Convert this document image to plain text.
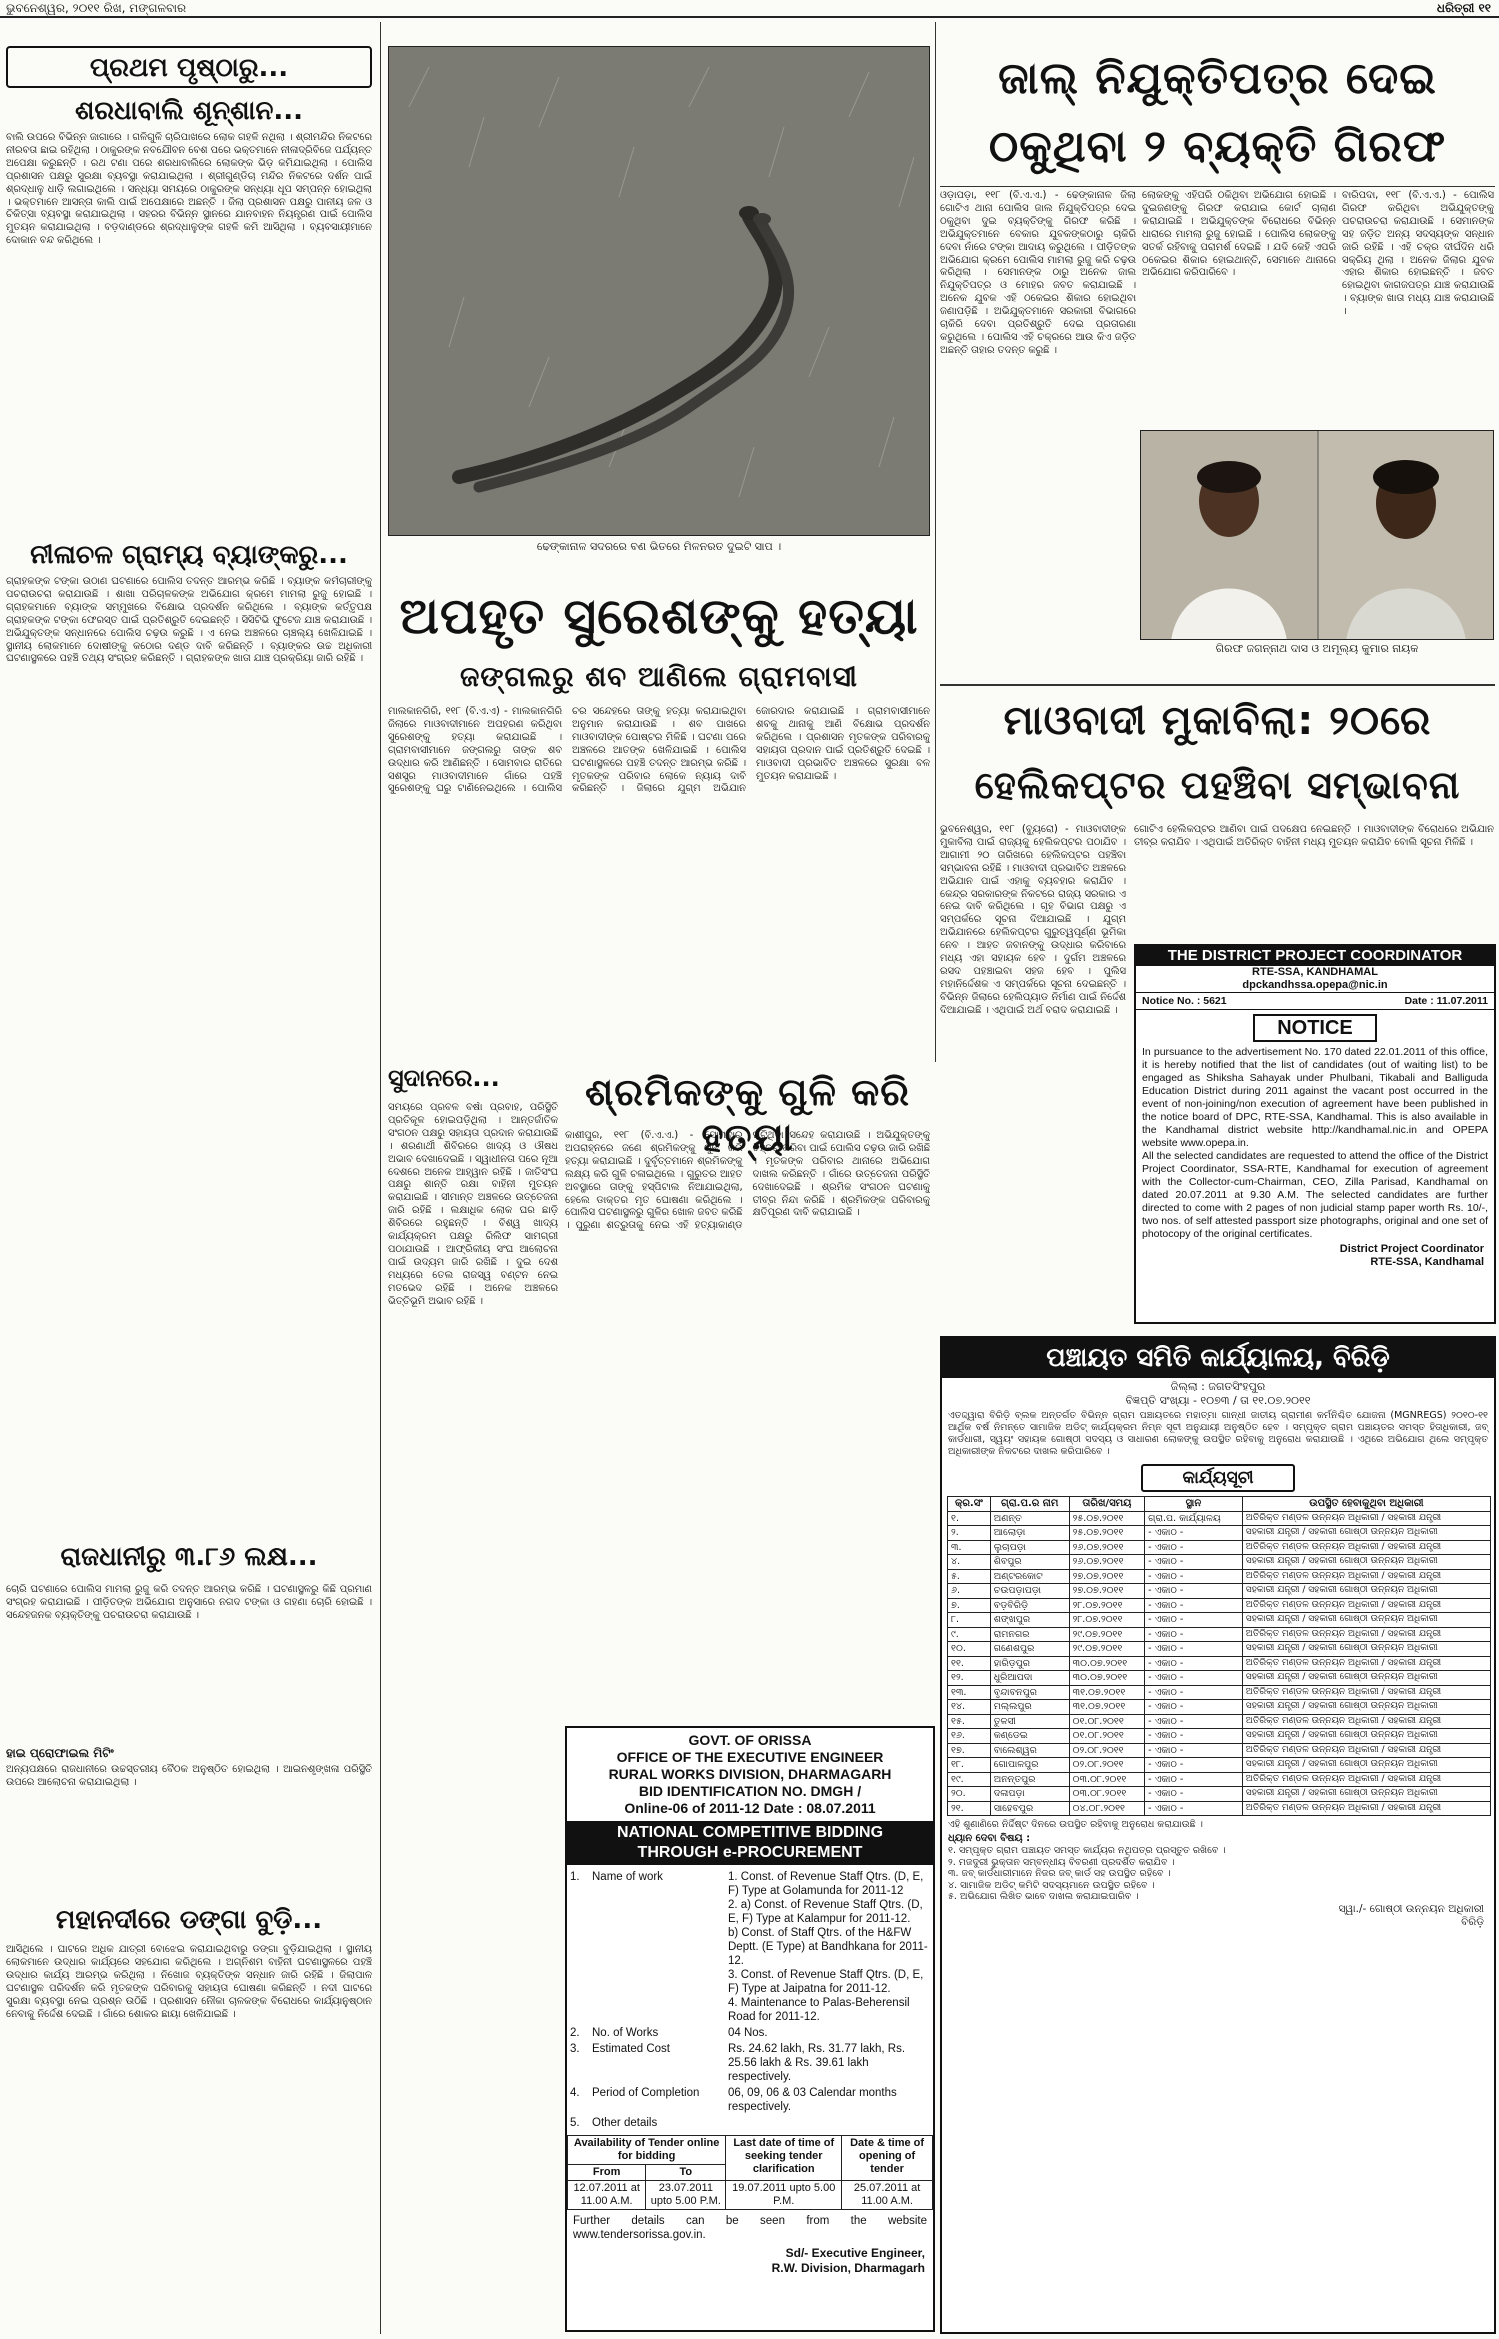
ଭୁବନେଶ୍ୱର, ୨୦୧୧ ରିଖ, ମଙ୍ଗଳବାର	ଧରିତ୍ରୀ ୧୧
ପ୍ରଥମ ପୃଷ୍ଠାରୁ...
ଶରଧାବାଲି ଶୂନ୍‌ଶାନ...
ବାଲି ଉପରେ ବିଭିନ୍ନ ଜାଗାରେ । ଗଳିଗୁଳି ଚାରିପାଖରେ ଲୋକ ଗହଳି ନଥିଲା । ଶ୍ରୀମନ୍ଦିର ନିକଟରେ ନୀରବତା ଛାଇ ରହିଥିଲା । ଠାକୁରଙ୍କ ନବଯୌବନ ବେଶ ପରେ ଭକ୍ତମାନେ ନୀଳାଦ୍ରିବିଜେ ପର୍ଯ୍ୟନ୍ତ ଅପେକ୍ଷା କରୁଛନ୍ତି । ରଥ ଟଣା ପରେ ଶରଧାବାଲିରେ ଲୋକଙ୍କ ଭିଡ଼ କମିଯାଇଥିଲା । ପୋଲିସ ପ୍ରଶାସନ ପକ୍ଷରୁ ସୁରକ୍ଷା ବ୍ୟବସ୍ଥା କରାଯାଇଥିଲା । ଶ୍ରୀଗୁଣ୍ଡିଚା ମନ୍ଦିର ନିକଟରେ ଦର୍ଶନ ପାଇଁ ଶ୍ରଦ୍ଧାଳୁ ଧାଡ଼ି ଲଗାଇଥିଲେ । ସନ୍ଧ୍ୟା ସମୟରେ ଠାକୁରଙ୍କ ସନ୍ଧ୍ୟା ଧୂପ ସମ୍ପନ୍ନ ହୋଇଥିଲା । ଭକ୍ତମାନେ ଆସନ୍ତା କାଲି ପାଇଁ ଅପେକ୍ଷାରେ ଅଛନ୍ତି । ଜିଲା ପ୍ରଶାସନ ପକ୍ଷରୁ ପାନୀୟ ଜଳ ଓ ଚିକିତ୍ସା ବ୍ୟବସ୍ଥା କରାଯାଇଥିଲା । ସହରର ବିଭିନ୍ନ ସ୍ଥାନରେ ଯାନବାହନ ନିୟନ୍ତ୍ରଣ ପାଇଁ ପୋଲିସ ମୁତୟନ କରାଯାଇଥିଲା । ବଡ଼ଦାଣ୍ଡରେ ଶ୍ରଦ୍ଧାଳୁଙ୍କ ଗହଳି କମି ଆସିଥିଲା । ବ୍ୟବସାୟୀମାନେ ଦୋକାନ ବନ୍ଦ କରିଥିଲେ ।
ନୀଳାଚଳ ଗ୍ରାମ୍ୟ ବ୍ୟାଙ୍କରୁ...
ଗ୍ରାହକଙ୍କ ଟଙ୍କା ଉଠାଣ ଘଟଣାରେ ପୋଲିସ ତଦନ୍ତ ଆରମ୍ଭ କରିଛି । ବ୍ୟାଙ୍କ କର୍ମଚାରୀଙ୍କୁ ପଚରାଉଚରା କରାଯାଉଛି । ଶାଖା ପରିଚାଳକଙ୍କ ଅଭିଯୋଗ କ୍ରମେ ମାମଲା ରୁଜୁ ହୋଇଛି । ଗ୍ରାହକମାନେ ବ୍ୟାଙ୍କ ସମ୍ମୁଖରେ ବିକ୍ଷୋଭ ପ୍ରଦର୍ଶନ କରିଥିଲେ । ବ୍ୟାଙ୍କ କର୍ତ୍ତୃପକ୍ଷ ଗ୍ରାହକଙ୍କ ଟଙ୍କା ଫେରସ୍ତ ପାଇଁ ପ୍ରତିଶ୍ରୁତି ଦେଇଛନ୍ତି । ସିସିଟିଭି ଫୁଟେଜ ଯାଞ୍ଚ କରାଯାଉଛି । ଅଭିଯୁକ୍ତଙ୍କ ସନ୍ଧାନରେ ପୋଲିସ ଚଢ଼ଉ କରୁଛି । ଏ ନେଇ ଅଞ୍ଚଳରେ ଚାଞ୍ଚଲ୍ୟ ଖେଳିଯାଇଛି । ସ୍ଥାନୀୟ ଲୋକମାନେ ଦୋଷୀଙ୍କୁ କଠୋର ଦଣ୍ଡ ଦାବି କରିଛନ୍ତି । ବ୍ୟାଙ୍କର ଉଚ୍ଚ ଅଧିକାରୀ ଘଟଣାସ୍ଥଳରେ ପହଞ୍ଚି ତଥ୍ୟ ସଂଗ୍ରହ କରିଛନ୍ତି । ଗ୍ରାହକଙ୍କ ଖାତା ଯାଞ୍ଚ ପ୍ରକ୍ରିୟା ଜାରି ରହିଛି ।
ରାଜଧାନୀରୁ ୩.୮୬ ଲକ୍ଷ...
ଚୋରି ଘଟଣାରେ ପୋଲିସ ମାମଲା ରୁଜୁ କରି ତଦନ୍ତ ଆରମ୍ଭ କରିଛି । ଘଟଣାସ୍ଥଳରୁ କିଛି ପ୍ରମାଣ ସଂଗ୍ରହ କରାଯାଇଛି । ପୀଡ଼ିତଙ୍କ ଅଭିଯୋଗ ଅନୁସାରେ ନଗଦ ଟଙ୍କା ଓ ଗହଣା ଚୋରି ହୋଇଛି । ସନ୍ଦେହଜନକ ବ୍ୟକ୍ତିଙ୍କୁ ପଚରାଉଚରା କରାଯାଉଛି ।
ହାଇ ପ୍ରୋଫାଇଲ ମିଟିଂ
ଅନ୍ୟପକ୍ଷରେ ରାଜଧାନୀରେ ଉଚ୍ଚସ୍ତରୀୟ ବୈଠକ ଅନୁଷ୍ଠିତ ହୋଇଥିଲା । ଆଇନଶୃଙ୍ଖଳା ପରିସ୍ଥିତି ଉପରେ ଆଲୋଚନା କରାଯାଇଥିଲା ।
ମହାନଦୀରେ ଡଙ୍ଗା ବୁଡ଼ି...
ଆସିଥିଲେ । ଘାଟରେ ଅଧିକ ଯାତ୍ରୀ ବୋଝେଇ କରାଯାଇଥିବାରୁ ଡଙ୍ଗା ବୁଡ଼ିଯାଇଥିଲା । ସ୍ଥାନୀୟ ଲୋକମାନେ ଉଦ୍ଧାର କାର୍ଯ୍ୟରେ ସହଯୋଗ କରିଥିଲେ । ଅଗ୍ନିଶମ ବାହିନୀ ଘଟଣାସ୍ଥଳରେ ପହଞ୍ଚି ଉଦ୍ଧାର କାର୍ଯ୍ୟ ଆରମ୍ଭ କରିଥିଲା । ନିଖୋଜ ବ୍ୟକ୍ତିଙ୍କ ସନ୍ଧାନ ଜାରି ରହିଛି । ଜିଲାପାଳ ଘଟଣାସ୍ଥଳ ପରିଦର୍ଶନ କରି ମୃତକଙ୍କ ପରିବାରକୁ ସହାୟତା ଘୋଷଣା କରିଛନ୍ତି । ନଦୀ ଘାଟରେ ସୁରକ୍ଷା ବ୍ୟବସ୍ଥା ନେଇ ପ୍ରଶ୍ନ ଉଠିଛି । ପ୍ରଶାସନ ନୌକା ଚାଳକଙ୍କ ବିରୋଧରେ କାର୍ଯ୍ୟାନୁଷ୍ଠାନ ନେବାକୁ ନିର୍ଦ୍ଦେଶ ଦେଇଛି । ଗାଁରେ ଶୋକର ଛାୟା ଖେଳିଯାଇଛି ।
ଢେଙ୍କାନାଳ ସଦରରେ ବଣ ଭିତରେ ମିଳନରତ ଦୁଇଟି ସାପ ।
ଅପହୃତ ସୁରେଶଙ୍କୁ ହତ୍ୟା
ଜଙ୍ଗଲରୁ ଶବ ଆଣିଲେ ଗ୍ରାମବାସୀ
ମାଲକାନଗିରି, ୧୧୮ (ବି.ଏ.ଏ) - ମାଲକାନଗିରି ଜିଲାରେ ମାଓବାଦୀମାନେ ଅପହରଣ କରିଥିବା ସୁରେଶଙ୍କୁ ହତ୍ୟା କରାଯାଇଛି । ଗ୍ରାମବାସୀମାନେ ଜଙ୍ଗଲରୁ ତାଙ୍କ ଶବ ଉଦ୍ଧାର କରି ଆଣିଛନ୍ତି । ସୋମବାର ରାତିରେ ସଶସ୍ତ୍ର ମାଓବାଦୀମାନେ ଗାଁରେ ପହଞ୍ଚି ସୁରେଶଙ୍କୁ ଘରୁ ଟାଣିନେଇଥିଲେ । ପୋଲିସ ଚର ସନ୍ଦେହରେ ତାଙ୍କୁ ହତ୍ୟା କରାଯାଇଥିବା ଅନୁମାନ କରାଯାଉଛି । ଶବ ପାଖରେ ମାଓବାଦୀଙ୍କ ପୋଷ୍ଟର ମିଳିଛି । ଘଟଣା ପରେ ଅଞ୍ଚଳରେ ଆତଙ୍କ ଖେଳିଯାଇଛି । ପୋଲିସ ଘଟଣାସ୍ଥଳରେ ପହଞ୍ଚି ତଦନ୍ତ ଆରମ୍ଭ କରିଛି । ମୃତକଙ୍କ ପରିବାର ଲୋକେ ନ୍ୟାୟ ଦାବି କରିଛନ୍ତି । ଜିଲାରେ ଯୁଗ୍ମ ଅଭିଯାନ ଜୋରଦାର କରାଯାଇଛି । ଗ୍ରାମବାସୀମାନେ ଶବକୁ ଥାନାକୁ ଆଣି ବିକ୍ଷୋଭ ପ୍ରଦର୍ଶନ କରିଥିଲେ । ପ୍ରଶାସନ ମୃତକଙ୍କ ପରିବାରକୁ ସହାୟତା ପ୍ରଦାନ ପାଇଁ ପ୍ରତିଶ୍ରୁତି ଦେଇଛି । ମାଓବାଦୀ ପ୍ରଭାବିତ ଅଞ୍ଚଳରେ ସୁରକ୍ଷା ବଳ ମୁତୟନ କରାଯାଇଛି ।
ସୁଦାନରେ...
ସମୟରେ ପ୍ରବଳ ବର୍ଷା ପ୍ରବାହ, ପରିସ୍ଥିତି ପ୍ରତିକୂଳ ହୋଇପଡ଼ିଥିଲା । ଆନ୍ତର୍ଜାତିକ ସଂଗଠନ ପକ୍ଷରୁ ସହାୟତା ପ୍ରଦାନ କରାଯାଉଛି । ଶରଣାର୍ଥୀ ଶିବିରରେ ଖାଦ୍ୟ ଓ ଔଷଧ ଅଭାବ ଦେଖାଦେଇଛି । ସ୍ୱାଧୀନତା ପରେ ନୂଆ ଦେଶରେ ଅନେକ ଆହ୍ୱାନ ରହିଛି । ଜାତିସଂଘ ପକ୍ଷରୁ ଶାନ୍ତି ରକ୍ଷା ବାହିନୀ ମୁତୟନ କରାଯାଇଛି । ସୀମାନ୍ତ ଅଞ୍ଚଳରେ ଉତ୍ତେଜନା ଜାରି ରହିଛି । ଲକ୍ଷାଧିକ ଲୋକ ଘର ଛାଡ଼ି ଶିବିରରେ ରହୁଛନ୍ତି । ବିଶ୍ୱ ଖାଦ୍ୟ କାର୍ଯ୍ୟକ୍ରମ ପକ୍ଷରୁ ରିଲିଫ ସାମଗ୍ରୀ ପଠାଯାଉଛି । ଆଫ୍ରିକୀୟ ସଂଘ ଆଲୋଚନା ପାଇଁ ଉଦ୍ୟମ ଜାରି ରଖିଛି । ଦୁଇ ଦେଶ ମଧ୍ୟରେ ତେଲ ରାଜସ୍ୱ ବଣ୍ଟନ ନେଇ ମତଭେଦ ରହିଛି । ଅନେକ ଅଞ୍ଚଳରେ ଭିତ୍ତିଭୂମି ଅଭାବ ରହିଛି ।
ଶ୍ରମିକଙ୍କୁ ଗୁଳି କରି ହତ୍ୟା
କାଶୀପୁର, ୧୧୮ (ବି.ଏ.ଏ.) - ସୋମବାର ଅପରାହ୍ନରେ ଜଣେ ଶ୍ରମିକଙ୍କୁ ଗୁଳି କରି ହତ୍ୟା କରାଯାଇଛି । ଦୁର୍ବୃତ୍ତମାନେ ଶ୍ରମିକଙ୍କୁ ଲକ୍ଷ୍ୟ କରି ଗୁଳି ଚଳାଇଥିଲେ । ଗୁରୁତର ଆହତ ଅବସ୍ଥାରେ ତାଙ୍କୁ ହସ୍ପିଟାଲ ନିଆଯାଇଥିଲା, ହେଲେ ଡାକ୍ତର ମୃତ ଘୋଷଣା କରିଥିଲେ । ପୋଲିସ ଘଟଣାସ୍ଥଳରୁ ଗୁଳିର ଖୋଳ ଜବତ କରିଛି । ପୁରୁଣା ଶତ୍ରୁତାକୁ ନେଇ ଏହି ହତ୍ୟାକାଣ୍ଡ ଘଟିଥିବା ସନ୍ଦେହ କରାଯାଉଛି । ଅଭିଯୁକ୍ତଙ୍କୁ ଚିହ୍ନଟ କରିବା ପାଇଁ ପୋଲିସ ଚଢ଼ଉ ଜାରି ରଖିଛି । ମୃତକଙ୍କ ପରିବାର ଥାନାରେ ଅଭିଯୋଗ ଦାଖଲ କରିଛନ୍ତି । ଗାଁରେ ଉତ୍ତେଜନା ପରିସ୍ଥିତି ଦେଖାଦେଇଛି । ଶ୍ରମିକ ସଂଗଠନ ଘଟଣାକୁ ତୀବ୍ର ନିନ୍ଦା କରିଛି । ଶ୍ରମିକଙ୍କ ପରିବାରକୁ କ୍ଷତିପୂରଣ ଦାବି କରାଯାଇଛି ।
GOVT. OF ORISSA
OFFICE OF THE EXECUTIVE ENGINEER
RURAL WORKS DIVISION, DHARMAGARH
BID IDENTIFICATION NO. DMGH /
Online-06 of 2011-12 Date : 08.07.2011
NATIONAL COMPETITIVE BIDDING
THROUGH e-PROCUREMENT
1.	Name of work	1. Const. of Revenue Staff Qtrs. (D, E, F) Type at Golamunda for 2011-12
2. a) Const. of Revenue Staff Qtrs. (D, E, F) Type at Kalampur for 2011-12.
b) Const. of Staff Qtrs. of the H&FW Deptt. (E Type) at Bandhkana for 2011-12.
3. Const. of Revenue Staff Qtrs. (D, E, F) Type at Jaipatna for 2011-12.
4. Maintenance to Palas-Beherensil Road for 2011-12.
2.	No. of Works	04 Nos.
3.	Estimated Cost	Rs. 24.62 lakh, Rs. 31.77 lakh, Rs. 25.56 lakh & Rs. 39.61 lakh respectively.
4.	Period of Completion	06, 09, 06 & 03 Calendar months respectively.
5.	Other details	
Availability of Tender online for bidding		Last date of time of seeking tender clarification	Date & time of opening of tender
From	To		
12.07.2011 at 11.00 A.M.	23.07.2011 upto 5.00 P.M.	19.07.2011 upto 5.00 P.M.	25.07.2011 at 11.00 A.M.
Further details can be seen from the website www.tendersorissa.gov.in.
Sd/- Executive Engineer,
R.W. Division, Dharmagarh
ଜାଲ୍ ନିଯୁକ୍ତିପତ୍ର ଦେଇ
ଠକୁଥିବା ୨ ବ୍ୟକ୍ତି ଗିରଫ
ଓଡ଼ାପଡ଼ା, ୧୧୮ (ବି.ଏ.ଏ.) - ଢେଙ୍କାନାଳ ଜିଲା ଗୋଟିଏ ଥାନା ପୋଲିସ ଜାଲ ନିଯୁକ୍ତିପତ୍ର ଦେଇ ଠକୁଥିବା ଦୁଇ ବ୍ୟକ୍ତିଙ୍କୁ ଗିରଫ କରିଛି । ଅଭିଯୁକ୍ତମାନେ ବେକାର ଯୁବକଙ୍କଠାରୁ ଚାକିରି ଦେବା ନାଁରେ ଟଙ୍କା ଆଦାୟ କରୁଥିଲେ । ପୀଡ଼ିତଙ୍କ ଅଭିଯୋଗ କ୍ରମେ ପୋଲିସ ମାମଲା ରୁଜୁ କରି ଚଢ଼ଉ କରିଥିଲା । ସେମାନଙ୍କ ଠାରୁ ଅନେକ ଜାଲ ନିଯୁକ୍ତିପତ୍ର ଓ ମୋହର ଜବତ କରାଯାଇଛି । ଅନେକ ଯୁବକ ଏହି ଠକେଇର ଶିକାର ହୋଇଥିବା ଜଣାପଡ଼ିଛି । ଅଭିଯୁକ୍ତମାନେ ସରକାରୀ ବିଭାଗରେ ଚାକିରି ଦେବା ପ୍ରତିଶ୍ରୁତି ଦେଇ ପ୍ରତାରଣା କରୁଥିଲେ । ପୋଲିସ ଏହି ଚକ୍ରରେ ଆଉ କିଏ ଜଡ଼ିତ ଅଛନ୍ତି ତାହାର ତଦନ୍ତ କରୁଛି ।
ଲୋକଙ୍କୁ ଏହିପରି ଠକିଥିବା ଅଭିଯୋଗ ହୋଇଛି । ଦୁଇଜଣଙ୍କୁ ଗିରଫ କରାଯାଇ କୋର୍ଟ ଚାଲାଣ କରାଯାଇଛି । ଅଭିଯୁକ୍ତଙ୍କ ବିରୋଧରେ ବିଭିନ୍ନ ଧାରାରେ ମାମଲା ରୁଜୁ ହୋଇଛି । ପୋଲିସ ଲୋକଙ୍କୁ ସତର୍କ ରହିବାକୁ ପରାମର୍ଶ ଦେଇଛି । ଯଦି କେହି ଏପରି ଠକେଇର ଶିକାର ହୋଇଥାନ୍ତି, ସେମାନେ ଥାନାରେ ଅଭିଯୋଗ କରିପାରିବେ ।
ବାରିପଦା, ୧୧୮ (ବି.ଏ.ଏ.) - ପୋଲିସ ଗିରଫ କରିଥିବା ଅଭିଯୁକ୍ତଙ୍କୁ ପଚରାଉଚରା କରାଯାଉଛି । ସେମାନଙ୍କ ସହ ଜଡ଼ିତ ଅନ୍ୟ ସଦସ୍ୟଙ୍କ ସନ୍ଧାନ ଜାରି ରହିଛି । ଏହି ଚକ୍ର ଦୀର୍ଘଦିନ ଧରି ସକ୍ରିୟ ଥିଲା । ଅନେକ ଜିଲାର ଯୁବକ ଏହାର ଶିକାର ହୋଇଛନ୍ତି । ଜବତ ହୋଇଥିବା କାଗଜପତ୍ର ଯାଞ୍ଚ କରାଯାଉଛି । ବ୍ୟାଙ୍କ ଖାତା ମଧ୍ୟ ଯାଞ୍ଚ କରାଯାଉଛି ।
ଗିରଫ ଜଗନ୍ନାଥ ଦାସ ଓ ଅମୂଲ୍ୟ କୁମାର ନାୟକ
ମାଓବାଦୀ ମୁକାବିଲା: ୨୦ରେ
ହେଲିକପ୍ଟର ପହଞ୍ଚିବା ସମ୍ଭାବନା
ଭୁବନେଶ୍ୱର, ୧୧୮ (ବ୍ୟୁରୋ) - ମାଓବାଦୀଙ୍କ ମୁକାବିଲା ପାଇଁ ରାଜ୍ୟକୁ ହେଲିକପ୍ଟର ପଠାଯିବ । ଆଗାମୀ ୨୦ ତାରିଖରେ ହେଲିକପ୍ଟର ପହଞ୍ଚିବା ସମ୍ଭାବନା ରହିଛି । ମାଓବାଦୀ ପ୍ରଭାବିତ ଅଞ୍ଚଳରେ ଅଭିଯାନ ପାଇଁ ଏହାକୁ ବ୍ୟବହାର କରାଯିବ । କେନ୍ଦ୍ର ସରକାରଙ୍କ ନିକଟରେ ରାଜ୍ୟ ସରକାର ଏ ନେଇ ଦାବି କରିଥିଲେ । ଗୃହ ବିଭାଗ ପକ୍ଷରୁ ଏ ସମ୍ପର୍କରେ ସୂଚନା ଦିଆଯାଇଛି । ଯୁଗ୍ମ ଅଭିଯାନରେ ହେଲିକପ୍ଟର ଗୁରୁତ୍ୱପୂର୍ଣ୍ଣ ଭୂମିକା ନେବ । ଆହତ ଜବାନଙ୍କୁ ଉଦ୍ଧାର କରିବାରେ ମଧ୍ୟ ଏହା ସହାୟକ ହେବ । ଦୁର୍ଗମ ଅଞ୍ଚଳରେ ରସଦ ପହଞ୍ଚାଇବା ସହଜ ହେବ । ପୁଲିସ ମହାନିର୍ଦ୍ଦେଶକ ଏ ସମ୍ପର୍କରେ ସୂଚନା ଦେଇଛନ୍ତି । ବିଭିନ୍ନ ଜିଲାରେ ହେଲିପ୍ୟାଡ ନିର୍ମାଣ ପାଇଁ ନିର୍ଦ୍ଦେଶ ଦିଆଯାଇଛି । ଏଥିପାଇଁ ଅର୍ଥ ବରାଦ କରାଯାଇଛି ।
ଗୋଟିଏ ହେଲିକପ୍ଟର ଆଣିବା ପାଇଁ ପଦକ୍ଷେପ ନେଇଛନ୍ତି । ମାଓବାଦୀଙ୍କ ବିରୋଧରେ ଅଭିଯାନ ତୀବ୍ର କରାଯିବ । ଏଥିପାଇଁ ଅତିରିକ୍ତ ବାହିନୀ ମଧ୍ୟ ମୁତୟନ କରାଯିବ ବୋଲି ସୂଚନା ମିଳିଛି ।
THE DISTRICT PROJECT COORDINATOR
RTE-SSA, KANDHAMAL
dpckandhssa.opepa@nic.in
Notice No. : 5621	Date : 11.07.2011
NOTICE
In pursuance to the advertisement No. 170 dated 22.01.2011 of this office, it is hereby notified that the list of candidates (out of waiting list) to be engaged as Shiksha Sahayak under Phulbani, Tikabali and Balliguda Education District during 2011 against the vacant post occurred in the event of non-joining/non execution of agreement have been published in the notice board of DPC, RTE-SSA, Kandhamal. This is also available in the Kandhamal district website http://kandhamal.nic.in and OPEPA website www.opepa.in.
All the selected candidates are requested to attend the office of the District Project Coordinator, SSA-RTE, Kandhamal for execution of agreement with the Collector-cum-Chairman, CEO, Zilla Parisad, Kandhamal on dated 20.07.2011 at 9.30 A.M. The selected candidates are further directed to come with 2 pages of non judicial stamp paper worth Rs. 10/-, two nos. of self attested passport size photographs, original and one set of photocopy of the original certificates.
District Project Coordinator
RTE-SSA, Kandhamal
ପଞ୍ଚାୟତ ସମିତି କାର୍ଯ୍ୟାଳୟ, ବିରିଡ଼ି
ଜିଲ୍ଲା : ଜଗତସିଂହପୁର
ବିଜ୍ଞପ୍ତି ସଂଖ୍ୟା - ୧୦୭୩ / ତା ୧୧.୦୭.୨୦୧୧
ଏତଦ୍ଦ୍ୱାରା ବିରିଡ଼ି ବ୍ଲକ ଅନ୍ତର୍ଗତ ବିଭିନ୍ନ ଗ୍ରାମ ପଞ୍ଚାୟତରେ ମହାତ୍ମା ଗାନ୍ଧୀ ଜାତୀୟ ଗ୍ରାମୀଣ କର୍ମନିଶ୍ଚିତ ଯୋଜନା (MGNREGS) ୨୦୧୦-୧୧ ଆର୍ଥିକ ବର୍ଷ ନିମନ୍ତେ ସାମାଜିକ ଅଡିଟ୍ କାର୍ଯ୍ୟକ୍ରମ ନିମ୍ନ ସୂଚୀ ଅନୁଯାୟୀ ଅନୁଷ୍ଠିତ ହେବ । ସମ୍ପୃକ୍ତ ଗ୍ରାମ ପଞ୍ଚାୟତର ସମସ୍ତ ହିତାଧିକାରୀ, ଜବ୍ କାର୍ଡଧାରୀ, ସ୍ୱୟଂ ସହାୟକ ଗୋଷ୍ଠୀ ସଦସ୍ୟ ଓ ସାଧାରଣ ଲୋକଙ୍କୁ ଉପସ୍ଥିତ ରହିବାକୁ ଅନୁରୋଧ କରାଯାଉଛି । ଏଥିରେ ଅଭିଯୋଗ ଥିଲେ ସମ୍ପୃକ୍ତ ଅଧିକାରୀଙ୍କ ନିକଟରେ ଦାଖଲ କରିପାରିବେ ।
କାର୍ଯ୍ୟସୂଚୀ
କ୍ର.ସଂ	ଗ୍ରା.ପ.ର ନାମ	ତାରିଖ/ସମୟ	ସ୍ଥାନ	ଉପସ୍ଥିତ ହେବାକୁଥିବା ଅଧିକାରୀ
୧.	ଅଣନ୍ତ	୨୫.୦୭.୨୦୧୧	ଗ୍ରା.ପ. କାର୍ଯ୍ୟାଳୟ	ଅତିରିକ୍ତ ମଣ୍ଡଳ ଉନ୍ନୟନ ଅଧିକାରୀ / ସହକାରୀ ଯନ୍ତ୍ରୀ
୨.	ଆଲୋଡ଼ା	୨୫.୦୭.୨୦୧୧	- ଏକାଠ -	ସହକାରୀ ଯନ୍ତ୍ରୀ / ସହକାରୀ ଗୋଷ୍ଠୀ ଉନ୍ନୟନ ଅଧିକାରୀ
୩.	ଲୁଚାପଡ଼ା	୨୬.୦୭.୨୦୧୧	- ଏକାଠ -	ଅତିରିକ୍ତ ମଣ୍ଡଳ ଉନ୍ନୟନ ଅଧିକାରୀ / ସହକାରୀ ଯନ୍ତ୍ରୀ
୪.	ଶିବପୁର	୨୬.୦୭.୨୦୧୧	- ଏକାଠ -	ସହକାରୀ ଯନ୍ତ୍ରୀ / ସହକାରୀ ଗୋଷ୍ଠୀ ଉନ୍ନୟନ ଅଧିକାରୀ
୫.	ଅଣ୍ଟରକୋଟ	୨୭.୦୭.୨୦୧୧	- ଏକାଠ -	ଅତିରିକ୍ତ ମଣ୍ଡଳ ଉନ୍ନୟନ ଅଧିକାରୀ / ସହକାରୀ ଯନ୍ତ୍ରୀ
୬.	ଚଉପଡ଼ାପଡ଼ା	୨୭.୦୭.୨୦୧୧	- ଏକାଠ -	ସହକାରୀ ଯନ୍ତ୍ରୀ / ସହକାରୀ ଗୋଷ୍ଠୀ ଉନ୍ନୟନ ଅଧିକାରୀ
୭.	ବଡ଼ବିରିଡ଼ି	୨୮.୦୭.୨୦୧୧	- ଏକାଠ -	ଅତିରିକ୍ତ ମଣ୍ଡଳ ଉନ୍ନୟନ ଅଧିକାରୀ / ସହକାରୀ ଯନ୍ତ୍ରୀ
୮.	ଶଙ୍ଖପୁର	୨୮.୦୭.୨୦୧୧	- ଏକାଠ -	ସହକାରୀ ଯନ୍ତ୍ରୀ / ସହକାରୀ ଗୋଷ୍ଠୀ ଉନ୍ନୟନ ଅଧିକାରୀ
୯.	ରାମନଗର	୨୯.୦୭.୨୦୧୧	- ଏକାଠ -	ଅତିରିକ୍ତ ମଣ୍ଡଳ ଉନ୍ନୟନ ଅଧିକାରୀ / ସହକାରୀ ଯନ୍ତ୍ରୀ
୧୦.	ଗଣେଶପୁର	୨୯.୦୭.୨୦୧୧	- ଏକାଠ -	ସହକାରୀ ଯନ୍ତ୍ରୀ / ସହକାରୀ ଗୋଷ୍ଠୀ ଉନ୍ନୟନ ଅଧିକାରୀ
୧୧.	ହାରିଡ଼ପୁର	୩୦.୦୭.୨୦୧୧	- ଏକାଠ -	ଅତିରିକ୍ତ ମଣ୍ଡଳ ଉନ୍ନୟନ ଅଧିକାରୀ / ସହକାରୀ ଯନ୍ତ୍ରୀ
୧୨.	ଧୁରିଆପଦା	୩୦.୦୭.୨୦୧୧	- ଏକାଠ -	ସହକାରୀ ଯନ୍ତ୍ରୀ / ସହକାରୀ ଗୋଷ୍ଠୀ ଉନ୍ନୟନ ଅଧିକାରୀ
୧୩.	ବୃନ୍ଦାବନପୁର	୩୧.୦୭.୨୦୧୧	- ଏକାଠ -	ଅତିରିକ୍ତ ମଣ୍ଡଳ ଉନ୍ନୟନ ଅଧିକାରୀ / ସହକାରୀ ଯନ୍ତ୍ରୀ
୧୪.	ମଲ୍ଲପୁର	୩୧.୦୭.୨୦୧୧	- ଏକାଠ -	ସହକାରୀ ଯନ୍ତ୍ରୀ / ସହକାରୀ ଗୋଷ୍ଠୀ ଉନ୍ନୟନ ଅଧିକାରୀ
୧୫.	ତୁଳସୀ	୦୧.୦୮.୨୦୧୧	- ଏକାଠ -	ଅତିରିକ୍ତ ମଣ୍ଡଳ ଉନ୍ନୟନ ଅଧିକାରୀ / ସହକାରୀ ଯନ୍ତ୍ରୀ
୧୬.	କଣ୍ଡେଇ	୦୧.୦୮.୨୦୧୧	- ଏକାଠ -	ସହକାରୀ ଯନ୍ତ୍ରୀ / ସହକାରୀ ଗୋଷ୍ଠୀ ଉନ୍ନୟନ ଅଧିକାରୀ
୧୭.	ବାଲେଶ୍ୱର	୦୨.୦୮.୨୦୧୧	- ଏକାଠ -	ଅତିରିକ୍ତ ମଣ୍ଡଳ ଉନ୍ନୟନ ଅଧିକାରୀ / ସହକାରୀ ଯନ୍ତ୍ରୀ
୧୮.	ଗୋପାଳପୁର	୦୨.୦୮.୨୦୧୧	- ଏକାଠ -	ସହକାରୀ ଯନ୍ତ୍ରୀ / ସହକାରୀ ଗୋଷ୍ଠୀ ଉନ୍ନୟନ ଅଧିକାରୀ
୧୯.	ଅନନ୍ତପୁର	୦୩.୦୮.୨୦୧୧	- ଏକାଠ -	ଅତିରିକ୍ତ ମଣ୍ଡଳ ଉନ୍ନୟନ ଅଧିକାରୀ / ସହକାରୀ ଯନ୍ତ୍ରୀ
୨୦.	ଦଳାପଡ଼ା	୦୩.୦୮.୨୦୧୧	- ଏକାଠ -	ସହକାରୀ ଯନ୍ତ୍ରୀ / ସହକାରୀ ଗୋଷ୍ଠୀ ଉନ୍ନୟନ ଅଧିକାରୀ
୨୧.	ସାହେବପୁର	୦୪.୦୮.୨୦୧୧	- ଏକାଠ -	ଅତିରିକ୍ତ ମଣ୍ଡଳ ଉନ୍ନୟନ ଅଧିକାରୀ / ସହକାରୀ ଯନ୍ତ୍ରୀ
ଏହି ଶୁଣାଣିରେ ନିର୍ଦ୍ଦିଷ୍ଟ ଦିନରେ ଉପସ୍ଥିତ ରହିବାକୁ ଅନୁରୋଧ କରାଯାଉଛି ।
ଧ୍ୟାନ ଦେବା ବିଷୟ :
୧. ସମ୍ପୃକ୍ତ ଗ୍ରାମ ପଞ୍ଚାୟତ ସମସ୍ତ କାର୍ଯ୍ୟର ନଥିପତ୍ର ପ୍ରସ୍ତୁତ ରଖିବେ ।
୨. ମଜଦୁରୀ ଭୁକ୍ତାନ ସମ୍ବନ୍ଧୀୟ ବିବରଣୀ ପ୍ରଦର୍ଶିତ କରାଯିବ ।
୩. ଜବ୍ କାର୍ଡଧାରୀମାନେ ନିଜର ଜବ୍ କାର୍ଡ ସହ ଉପସ୍ଥିତ ରହିବେ ।
୪. ସାମାଜିକ ଅଡିଟ୍ କମିଟି ସଦସ୍ୟମାନେ ଉପସ୍ଥିତ ରହିବେ ।
୫. ଅଭିଯୋଗ ଲିଖିତ ଭାବେ ଦାଖଲ କରାଯାଇପାରିବ ।
ସ୍ୱା./- ଗୋଷ୍ଠୀ ଉନ୍ନୟନ ଅଧିକାରୀ
ବିରିଡ଼ି
